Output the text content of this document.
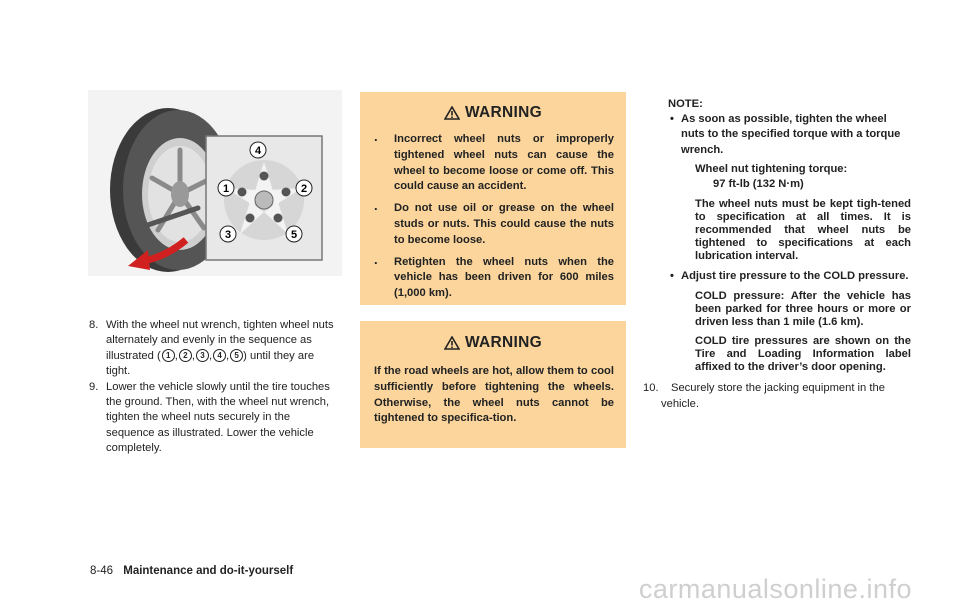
1	2
3
4
5
8. With the wheel nut wrench, tighten wheel nuts alternately and evenly in the sequence as illustrated ( 1 , 2 , 3 , 4 , 5 ) until they are tight.
9. Lower the vehicle slowly until the tire touches the ground. Then, with the wheel nut wrench, tighten the wheel nuts securely in the sequence as illustrated. Lower the vehicle completely.
WARNING
. Incorrect wheel nuts or improperly tightened wheel nuts can cause the wheel to become loose or come off. This could cause an accident.
. Do not use oil or grease on the wheel studs or nuts. This could cause the nuts to become loose.
. Retighten the wheel nuts when the vehicle has been driven for 600 miles (1,000 km).
WARNING
If the road wheels are hot, allow them to cool sufficiently before tightening the wheels. Otherwise, the wheel nuts cannot be tightened to specifica-tion.
NOTE:
• As soon as possible, tighten the wheel nuts to the specified torque with a torque wrench.
Wheel nut tightening torque:
97 ft-lb (132 N·m)
The wheel nuts must be kept tigh-tened to specification at all times. It is recommended that wheel nuts be tightened to specifications at each lubrication interval.
• Adjust tire pressure to the COLD pressure.
COLD pressure: After the vehicle has been parked for three hours or more or driven less than 1 mile (1.6 km).
COLD tire pressures are shown on the Tire and Loading Information label affixed to the driver’s door opening.
10. Securely store the jacking equipment in the vehicle.
8-46 Maintenance and do-it-yourself
carmanualsonline.info
